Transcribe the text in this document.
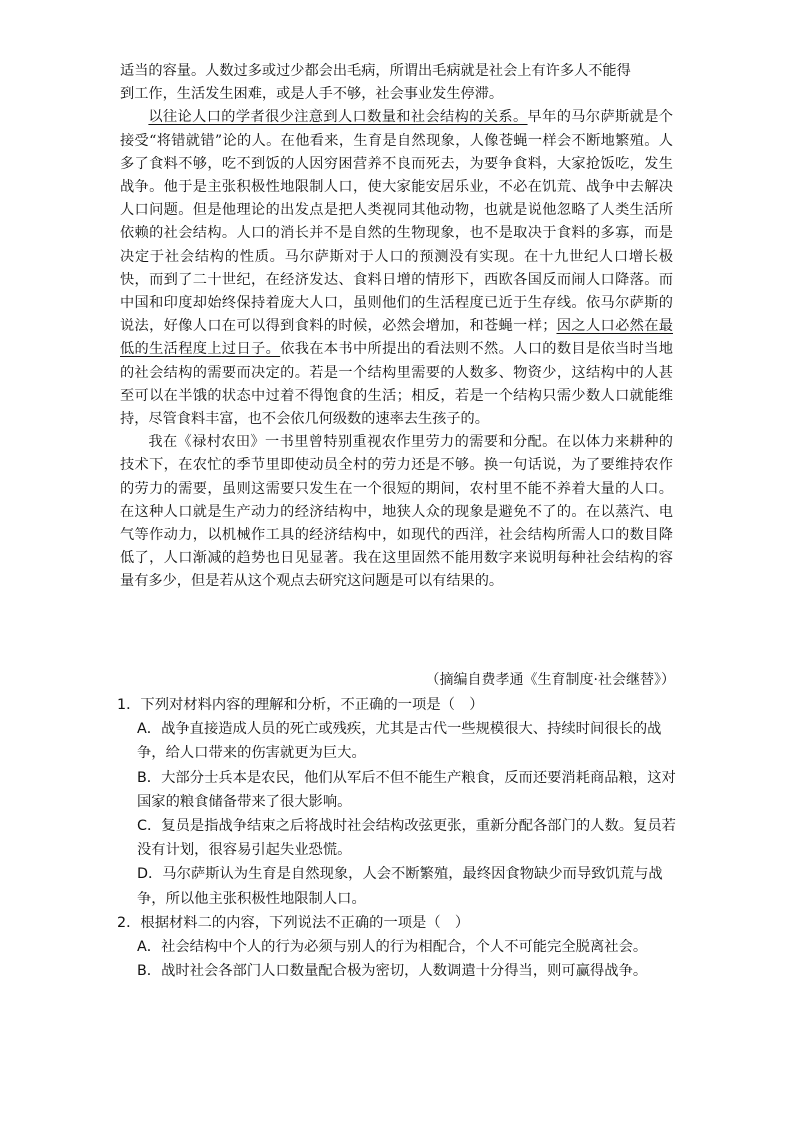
适当的容量。人数过多或过少都会出毛病，所谓出毛病就是社会上有许多人不能得
到工作，生活发生困难，或是人手不够，社会事业发生停滞。

以往论人口的学者很少注意到人口数量和社会结构的关系。早年的马尔萨斯就是个接受“将错就错”论的人。在他看来，生育是自然现象，人像苍蝇一样会不断地繁殖。人多了食料不够，吃不到饭的人因穷困营养不良而死去，为要争食料，大家抢饭吃，发生战争。他于是主张积极性地限制人口，使大家能安居乐业，不必在饥荒、战争中去解决人口问题。但是他理论的出发点是把人类视同其他动物，也就是说他忽略了人类生活所依赖的社会结构。人口的消长并不是自然的生物现象，也不是取决于食料的多寡，而是决定于社会结构的性质。马尔萨斯对于人口的预测没有实现。在十九世纪人口增长极快，而到了二十世纪，在经济发达、食料日增的情形下，西欧各国反而闹人口降落。而中国和印度却始终保持着庞大人口，虽则他们的生活程度已近于生存线。依马尔萨斯的说法，好像人口在可以得到食料的时候，必然会增加，和苍蝇一样；因之人口必然在最低的生活程度上过日子。依我在本书中所提出的看法则不然。人口的数目是依当时当地的社会结构的需要而决定的。若是一个结构里需要的人数多、物资少，这结构中的人甚至可以在半饿的状态中过着不得饱食的生活；相反，若是一个结构只需少数人口就能维持，尽管食料丰富，也不会依几何级数的速率去生孩子的。

我在《禄村农田》一书里曾特别重视农作里劳力的需要和分配。在以体力来耕种的技术下，在农忙的季节里即使动员全村的劳力还是不够。换一句话说，为了要维持农作的劳力的需要，虽则这需要只发生在一个很短的期间，农村里不能不养着大量的人口。在这种人口就是生产动力的经济结构中，地狭人众的现象是避免不了的。在以蒸汽、电气等作动力，以机械作工具的经济结构中，如现代的西洋，社会结构所需人口的数目降低了，人口渐减的趋势也日见显著。我在这里固然不能用数字来说明每种社会结构的容量有多少，但是若从这个观点去研究这问题是可以有结果的。

（摘编自费孝通《生育制度·社会继替》）

1．下列对材料内容的理解和分析，不正确的一项是（　）

A．战争直接造成人员的死亡或残疾，尤其是古代一些规模很大、持续时间很长的战争，给人口带来的伤害就更为巨大。

B．大部分士兵本是农民，他们从军后不但不能生产粮食，反而还要消耗商品粮，这对国家的粮食储备带来了很大影响。

C．复员是指战争结束之后将战时社会结构改弦更张，重新分配各部门的人数。复员若没有计划，很容易引起失业恐慌。

D．马尔萨斯认为生育是自然现象，人会不断繁殖，最终因食物缺少而导致饥荒与战争，所以他主张积极性地限制人口。

2．根据材料二的内容，下列说法不正确的一项是（　）

A．社会结构中个人的行为必须与别人的行为相配合，个人不可能完全脱离社会。

B．战时社会各部门人口数量配合极为密切，人数调遣十分得当，则可赢得战争。
